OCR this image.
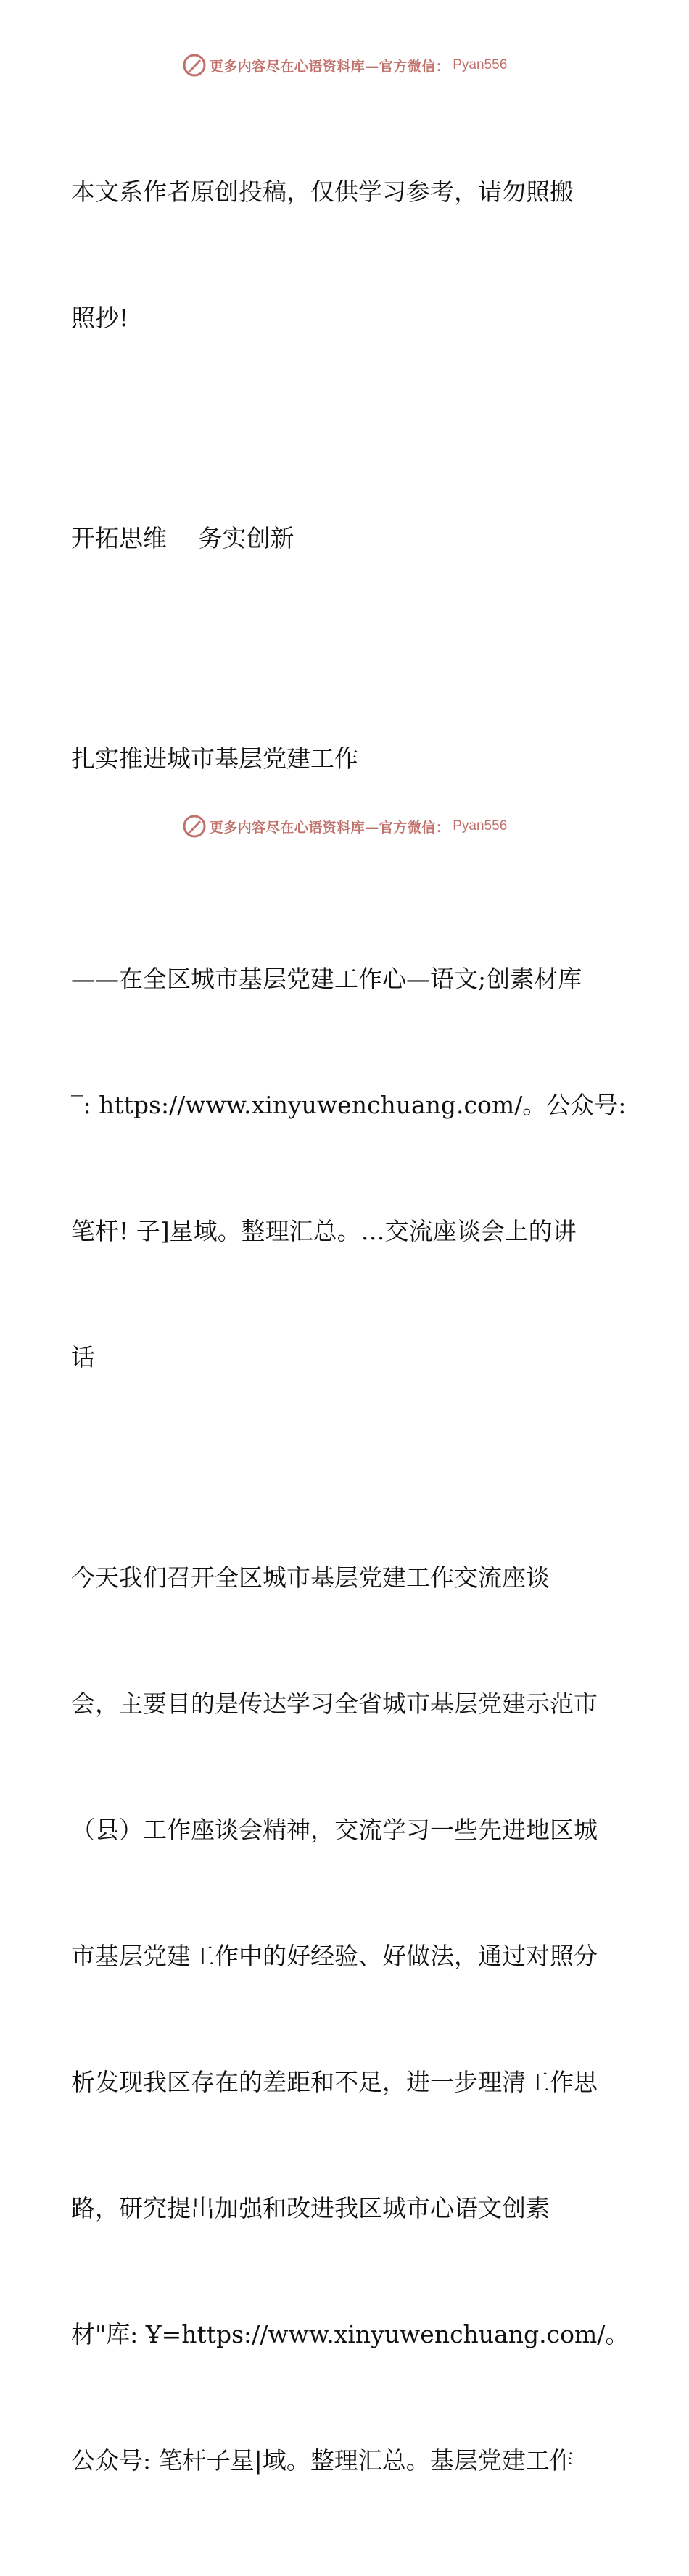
更多内容尽在心语资料库—官方微信： Pyan556

本文系作者原创投稿，仅供学习参考，请勿照搬

照抄!

开拓思维　 务实创新

扎实推进城市基层党建工作

——在全区城市基层党建工作心—语文;创素材库

‾: https://www.xinyuwenchuang.com/。公众号:

笔杆! 子]星域。整理汇总。…交流座谈会上的讲

话

今天我们召开全区城市基层党建工作交流座谈

会，主要目的是传达学习全省城市基层党建示范市

（县）工作座谈会精神，交流学习一些先进地区城

市基层党建工作中的好经验、好做法，通过对照分

析发现我区存在的差距和不足，进一步理清工作思

路，研究提出加强和改进我区城市心语文创素

材"库: Ұ=https://www.xinyuwenchuang.com/。

公众号: 笔杆子星|域。整理汇总。基层党建工作

更多内容尽在心语资料库—官方微信： Pyan556
